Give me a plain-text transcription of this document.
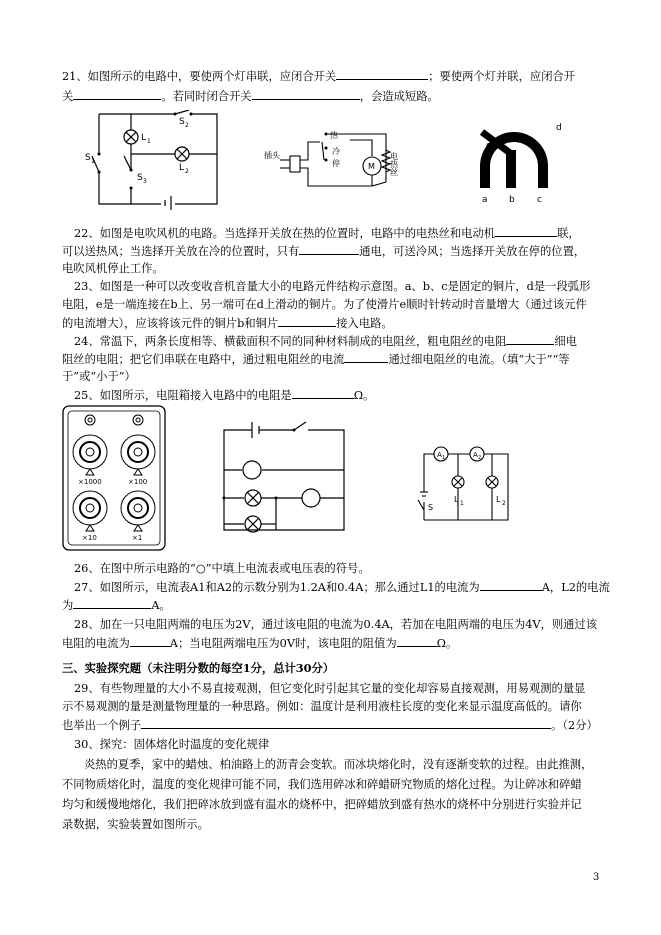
21、如图所示的电路中，要使两个灯串联，应闭合开关	；要使两个灯并联，应闭合开
关	。若同时闭合开关	，会造成短路。
S 1
S 2
S 3
L 1
L 2
热
冷
停
插头
M 电热丝
a b c
d
e
22、如图是电吹风机的电路。当选择开关放在热的位置时，电路中的电热丝和电动机	联，
可以送热风；当选择开关放在冷的位置时，只有	通电，可送冷风；当选择开关放在停的位置，
电吹风机停止工作。
23、如图是一种可以改变收音机音量大小的电路元件结构示意图。a、b、c是固定的铜片，d是一段弧形
电阻，e是一端连接在b上、另一端可在d上滑动的铜片。为了使滑片e顺时针转动时音量增大（通过该元件
的电流增大），应该将该元件的铜片b和铜片	接入电路。
24、常温下，两条长度相等、横截面积不同的同种材料制成的电阻丝，粗电阻丝的电阻	细电
阻丝的电阻；把它们串联在电路中，通过粗电阻丝的电流	通过细电阻丝的电流。（填“大于”“等
于”或“小于”）
25、如图所示，电阻箱接入电路中的电阻是	Ω。
×1000	×100
×10	×1
A 1	A 2
S
L 1	L 2
26、在图中所示电路的“○”中填上电流表或电压表的符号。
27、如图所示，电流表A1和A2的示数分别为1.2A和0.4A；那么通过L1的电流为	A，L2的电流
为	A。
28、加在一只电阻两端的电压为2V，通过该电阻的电流为0.4A，若加在电阻两端的电压为4V，则通过该
电阻的电流为	A；当电阻两端电压为0V时，该电阻的阻值为	Ω。
三、实验探究题（未注明分数的每空1分，总计30分）
29、有些物理量的大小不易直接观测，但它变化时引起其它量的变化却容易直接观测，用易观测的量显
示不易观测的量是测量物理量的一种思路。例如：温度计是利用液柱长度的变化来显示温度高低的。请你
也举出一个例子	。（2分）
30、探究：固体熔化时温度的变化规律
炎热的夏季，家中的蜡烛、柏油路上的沥青会变软。而冰块熔化时，没有逐渐变软的过程。由此推测，
不同物质熔化时，温度的变化规律可能不同，我们选用碎冰和碎蜡研究物质的熔化过程。为让碎冰和碎蜡
均匀和缓慢地熔化，我们把碎冰放到盛有温水的烧杯中，把碎蜡放到盛有热水的烧杯中分别进行实验并记
录数据，实验装置如图所示。
3
